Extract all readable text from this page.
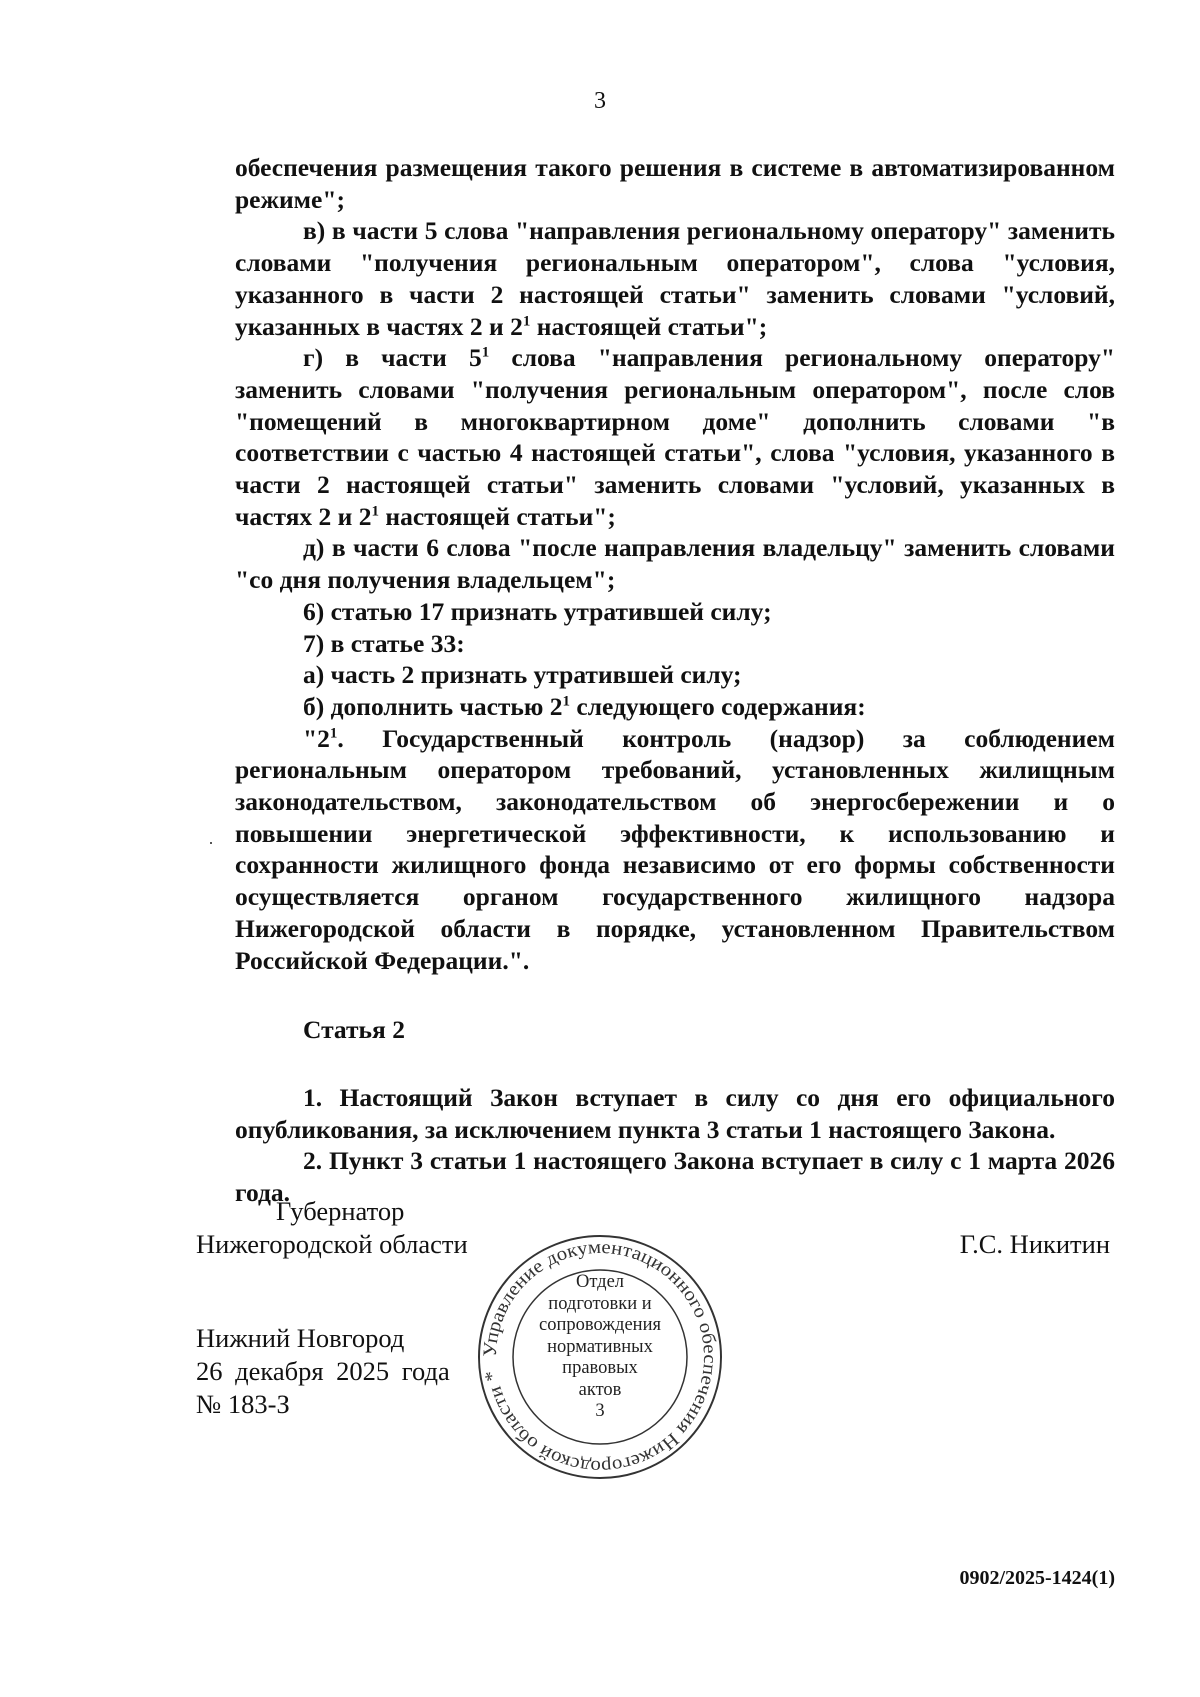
3

обеспечения размещения такого решения в системе в автоматизированном режиме";

в) в части 5 слова "направления региональному оператору" заменить словами "получения региональным оператором", слова "условия, указанного в части 2 настоящей статьи" заменить словами "условий, указанных в частях 2 и $2^1$ настоящей статьи";

г) в части $5^1$ слова "направления региональному оператору" заменить словами "получения региональным оператором", после слов "помещений в многоквартирном доме" дополнить словами "в соответствии с частью 4 настоящей статьи", слова "условия, указанного в части 2 настоящей статьи" заменить словами "условий, указанных в частях 2 и $2^1$ настоящей статьи";

д) в части 6 слова "после направления владельцу" заменить словами "со дня получения владельцем";

6) статью 17 признать утратившей силу;

7) в статье 33:

а) часть 2 признать утратившей силу;

б) дополнить частью $2^1$ следующего содержания:

"$2^1$. Государственный контроль (надзор) за соблюдением региональным оператором требований, установленных жилищным законодательством, законодательством об энергосбережении и о повышении энергетической эффективности, к использованию и сохранности жилищного фонда независимо от его формы собственности осуществляется органом государственного жилищного надзора Нижегородской области в порядке, установленном Правительством Российской Федерации.".

Статья 2

1. Настоящий Закон вступает в силу со дня его официального опубликования, за исключением пункта 3 статьи 1 настоящего Закона.

2. Пункт 3 статьи 1 настоящего Закона вступает в силу с 1 марта 2026 года.

Губернатор
Нижегородской области	Г.С. Никитин
Нижний Новгород
26 декабря 2025 года
№ 183-З
Управление документационного обеспечения Нижегородской области *
Отдел
подготовки и
сопровождения
нормативных
правовых
актов
3
0902/2025-1424(1)
